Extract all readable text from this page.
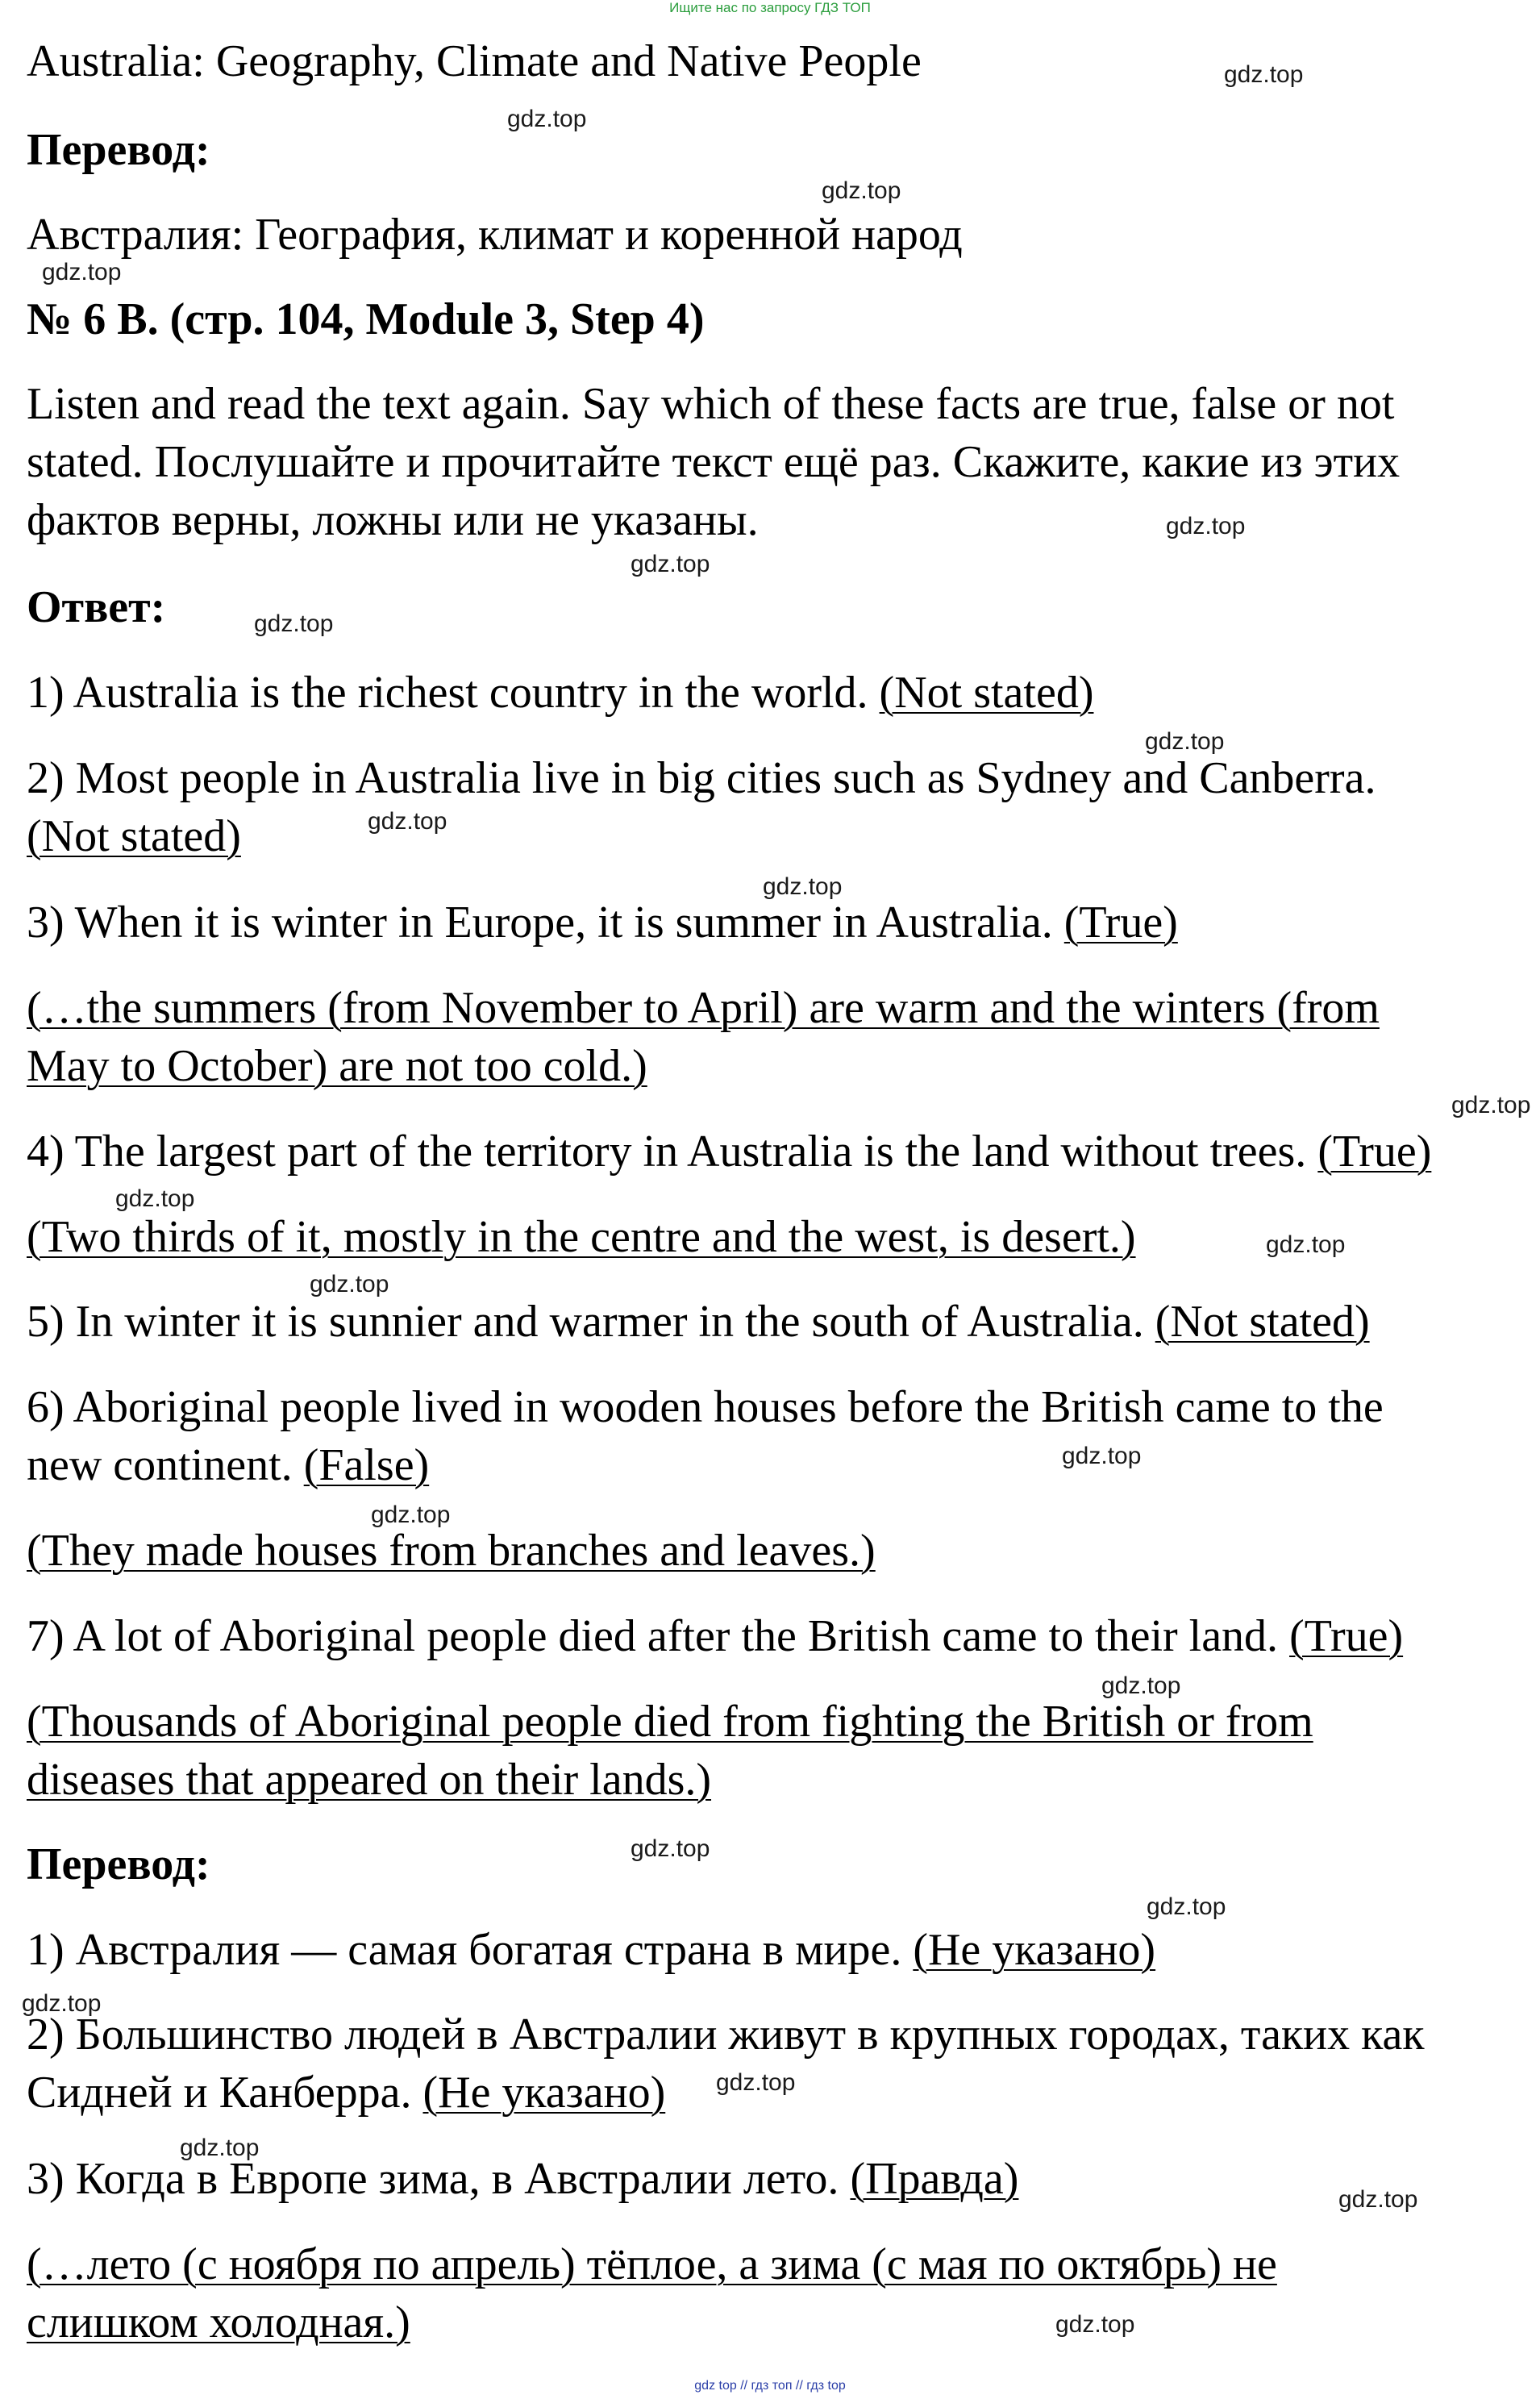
Ищите нас по запросу ГДЗ ТОП
Australia: Geography, Climate and Native People
Перевод:
Австралия: География, климат и коренной народ
№ 6 B. (стр. 104, Module 3, Step 4)
Listen and read the text again. Say which of these facts are true, false or not
stated. Послушайте и прочитайте текст ещё раз. Скажите, какие из этих
фактов верны, ложны или не указаны.
Ответ:
1) Australia is the richest country in the world. (Not stated)
2) Most people in Australia live in big cities such as Sydney and Canberra.
(Not stated)
3) When it is winter in Europe, it is summer in Australia. (True)
(…the summers (from November to April) are warm and the winters (from
May to October) are not too cold.)
4) The largest part of the territory in Australia is the land without trees. (True)
(Two thirds of it, mostly in the centre and the west, is desert.)
5) In winter it is sunnier and warmer in the south of Australia. (Not stated)
6) Aboriginal people lived in wooden houses before the British came to the
new continent. (False)
(They made houses from branches and leaves.)
7) A lot of Aboriginal people died after the British came to their land. (True)
(Thousands of Aboriginal people died from fighting the British or from
diseases that appeared on their lands.)
Перевод:
1) Австралия — самая богатая страна в мире. (Не указано)
2) Большинство людей в Австралии живут в крупных городах, таких как
Сидней и Канберра. (Не указано)
3) Когда в Европе зима, в Австралии лето. (Правда)
(…лето (с ноября по апрель) тёплое, а зима (с мая по октябрь) не
слишком холодная.)
gdz.top
gdz.top
gdz.top
gdz.top
gdz.top
gdz.top
gdz.top
gdz.top
gdz.top
gdz.top
gdz.top
gdz.top
gdz.top
gdz.top
gdz.top
gdz.top
gdz.top
gdz.top
gdz.top
gdz.top
gdz.top
gdz.top
gdz.top
gdz.top
gdz top // гдз топ // гдз top
